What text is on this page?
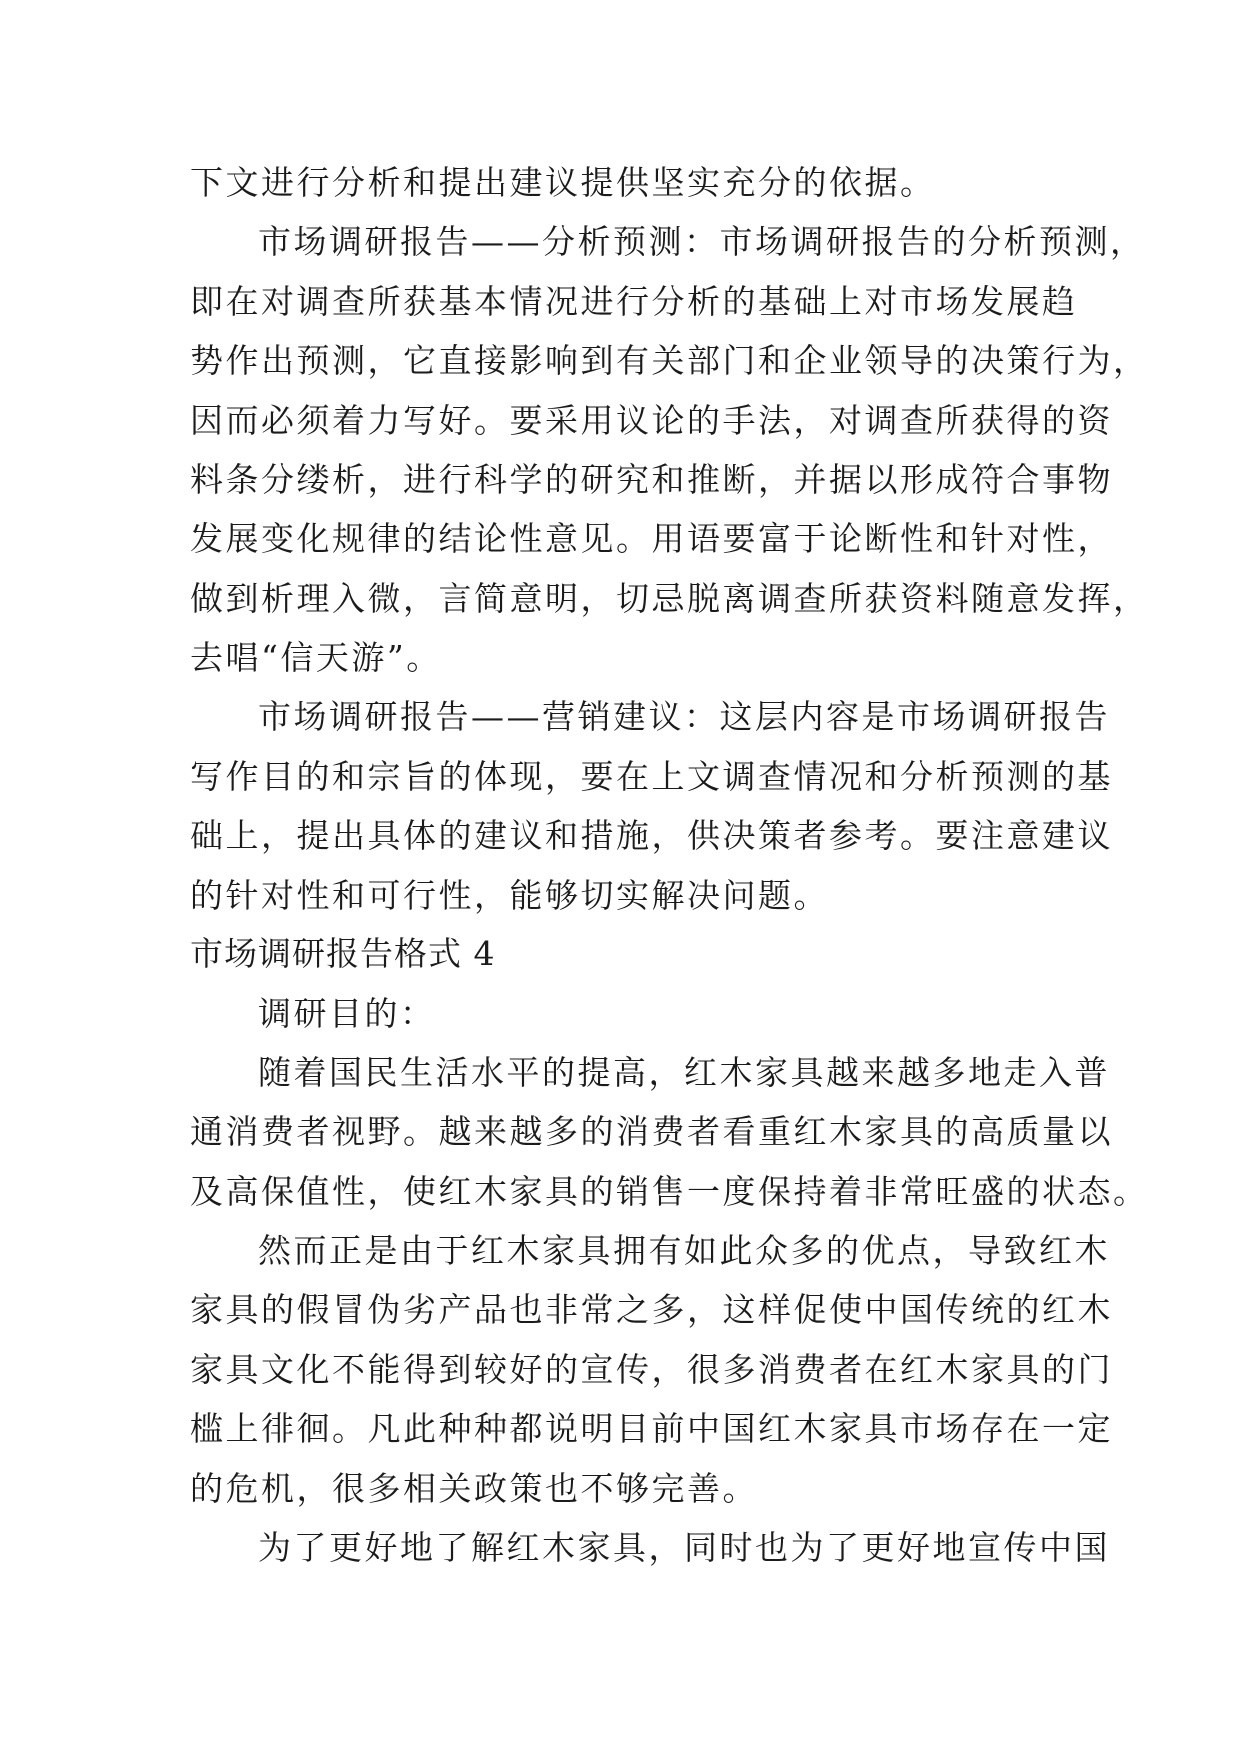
下文进行分析和提出建议提供坚实充分的依据。

市场调研报告——分析预测：市场调研报告的分析预测，

即在对调查所获基本情况进行分析的基础上对市场发展趋

势作出预测，它直接影响到有关部门和企业领导的决策行为，

因而必须着力写好。要采用议论的手法，对调查所获得的资

料条分缕析，进行科学的研究和推断，并据以形成符合事物

发展变化规律的结论性意见。用语要富于论断性和针对性，

做到析理入微，言简意明，切忌脱离调查所获资料随意发挥，

去唱“信天游”。

市场调研报告——营销建议：这层内容是市场调研报告

写作目的和宗旨的体现，要在上文调查情况和分析预测的基

础上，提出具体的建议和措施，供决策者参考。要注意建议

的针对性和可行性，能够切实解决问题。

市场调研报告格式 4

调研目的：

随着国民生活水平的提高，红木家具越来越多地走入普

通消费者视野。越来越多的消费者看重红木家具的高质量以

及高保值性，使红木家具的销售一度保持着非常旺盛的状态。

然而正是由于红木家具拥有如此众多的优点，导致红木

家具的假冒伪劣产品也非常之多，这样促使中国传统的红木

家具文化不能得到较好的宣传，很多消费者在红木家具的门

槛上徘徊。凡此种种都说明目前中国红木家具市场存在一定

的危机，很多相关政策也不够完善。

为了更好地了解红木家具，同时也为了更好地宣传中国
